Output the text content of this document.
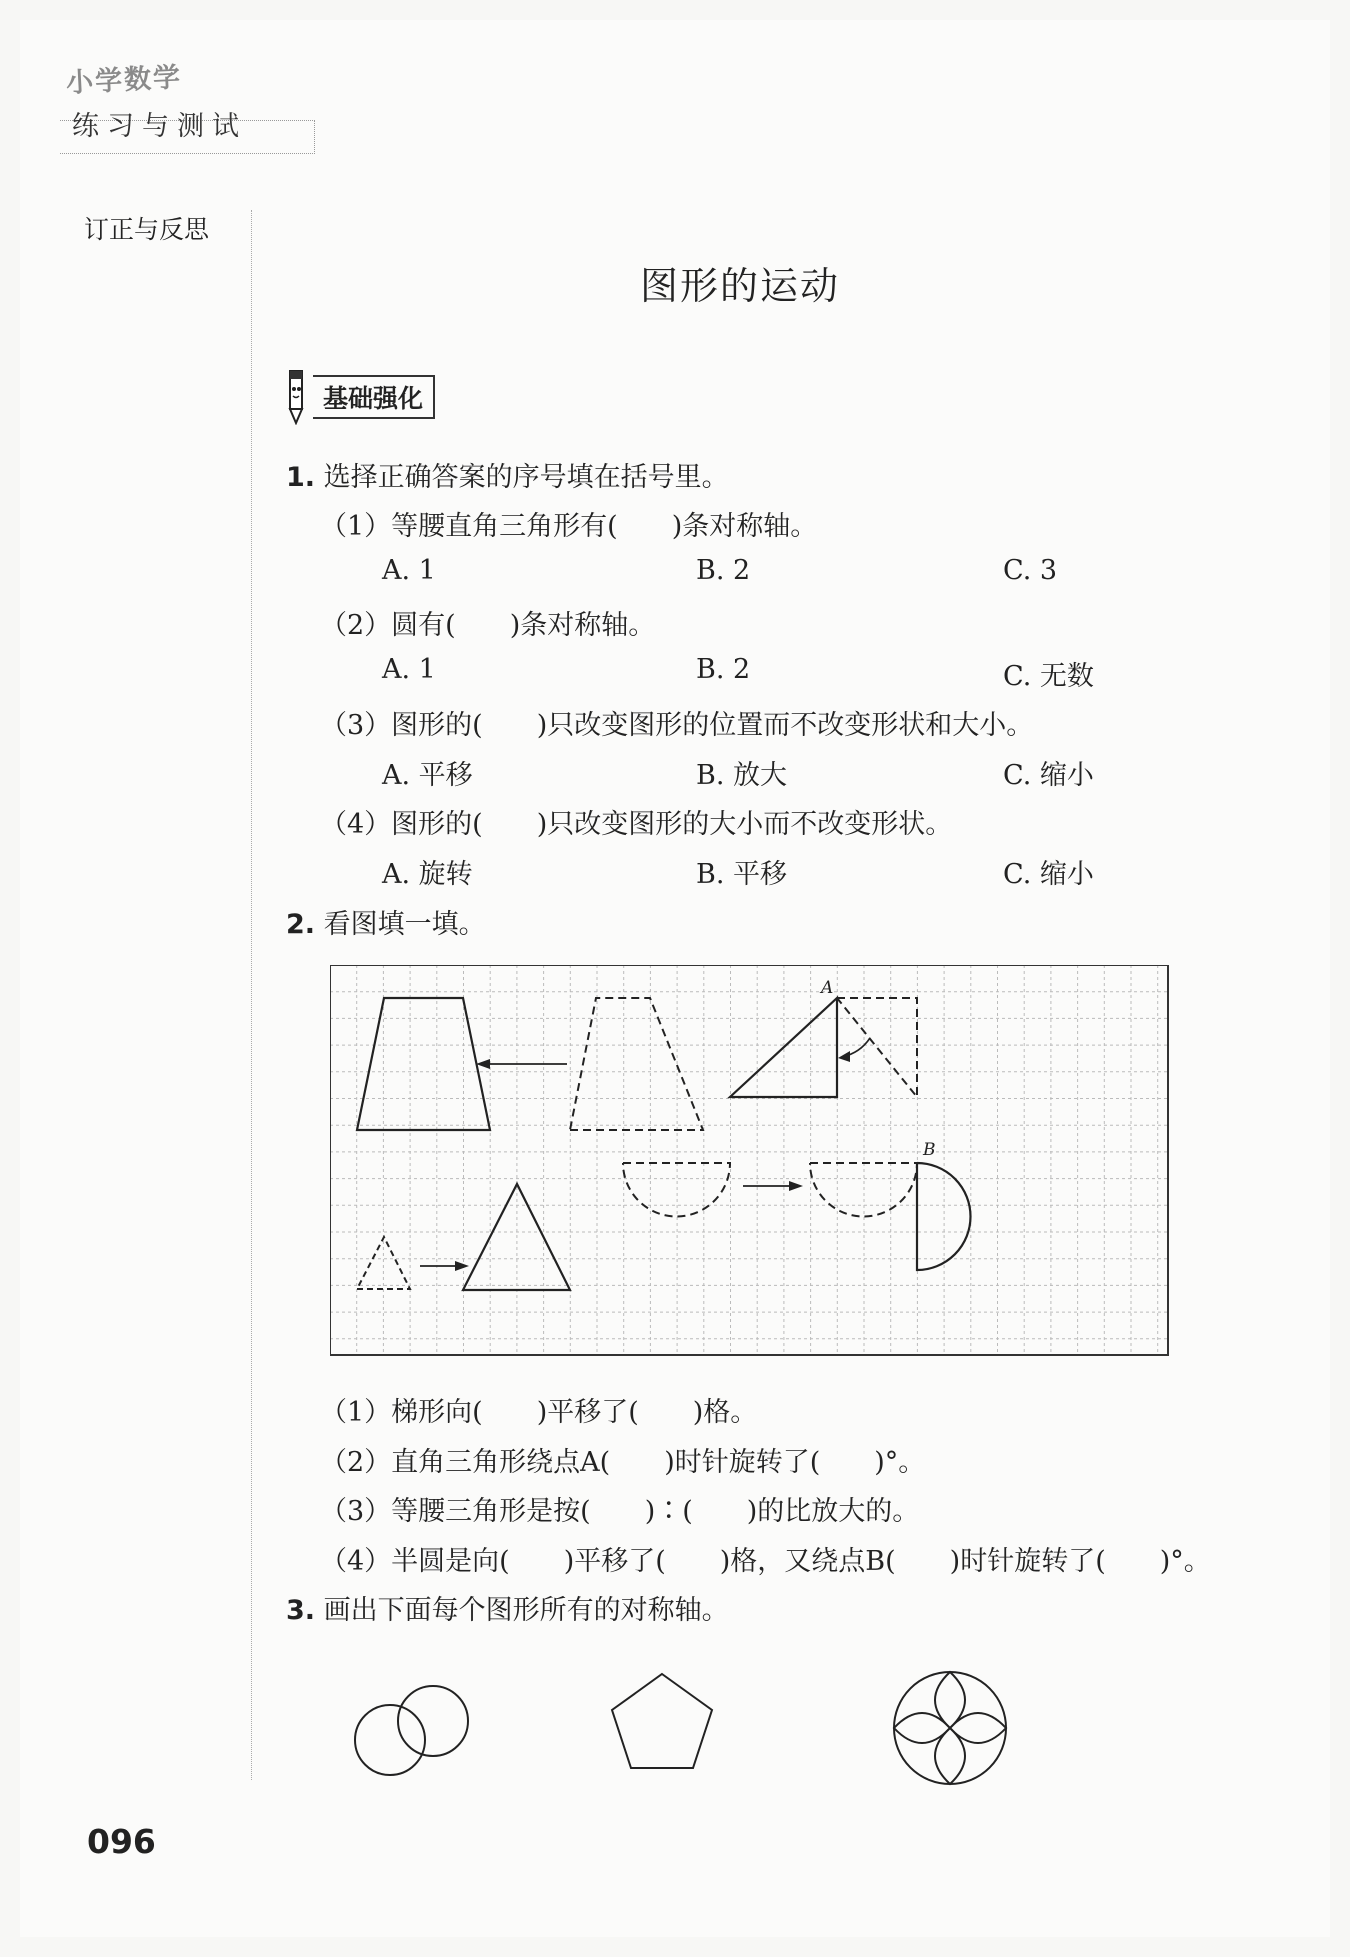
小学数学
练习与测试
订正与反思
图形的运动
基础强化
1. 选择正确答案的序号填在括号里。
（1）等腰直角三角形有(　　)条对称轴。
A. 1	B. 2	C. 3
（2）圆有(　　)条对称轴。
A. 1	B. 2	C. 无数
（3）图形的(　　)只改变图形的位置而不改变形状和大小。
A. 平移	B. 放大	C. 缩小
（4）图形的(　　)只改变图形的大小而不改变形状。
A. 旋转	B. 平移	C. 缩小
2. 看图填一填。
A
B
（1）梯形向(　　)平移了(　　)格。
（2）直角三角形绕点A(　　)时针旋转了(　　)°。
（3）等腰三角形是按(　　)∶(　　)的比放大的。
（4）半圆是向(　　)平移了(　　)格，又绕点B(　　)时针旋转了(　　)°。
3. 画出下面每个图形所有的对称轴。
096
